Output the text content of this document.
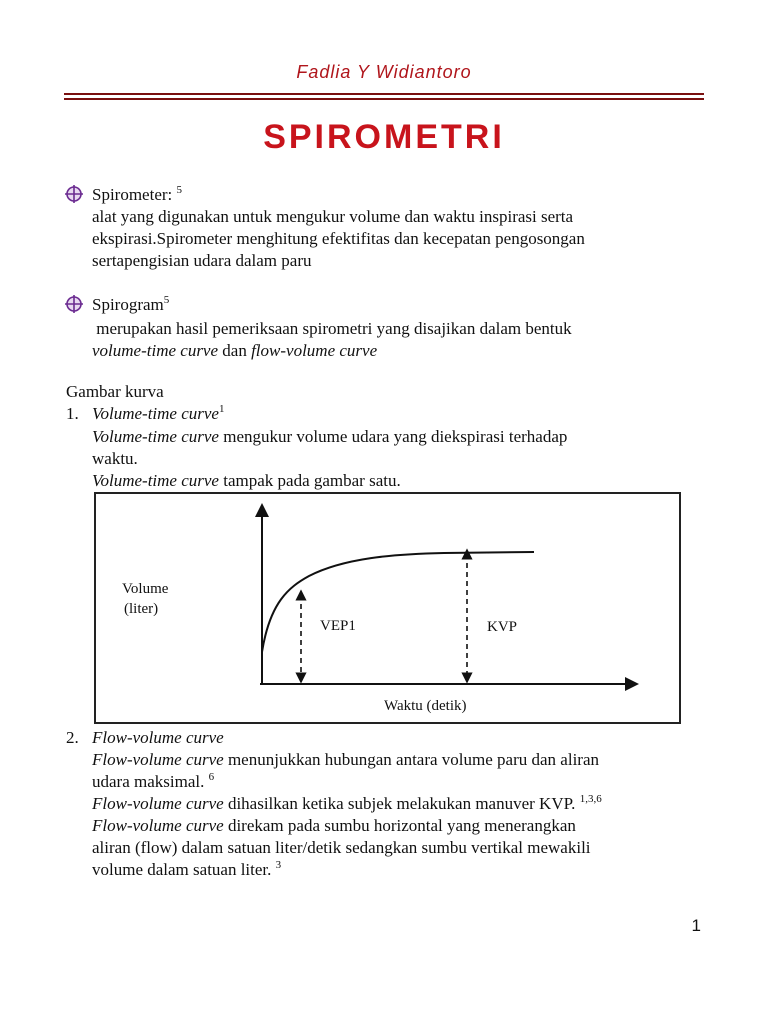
Fadlia Y Widiantoro
SPIROMETRI
Spirometer: $^5$
alat yang digunakan untuk mengukur volume dan waktu inspirasi serta
ekspirasi.Spirometer menghitung efektifitas dan kecepatan pengosongan
sertapengisian udara dalam paru
Spirogram$^5$
merupakan hasil pemeriksaan spirometri yang disajikan dalam bentuk
volume-time curve dan flow-volume curve
Gambar kurva
1. Volume-time curve$^1$
Volume-time curve mengukur volume udara yang diekspirasi terhadap
waktu.
Volume-time curve tampak pada gambar satu.
Volume
(liter)
VEP1	KVP
Waktu (detik)
2. Flow-volume curve
Flow-volume curve menunjukkan hubungan antara volume paru dan aliran
udara maksimal. $^6$
Flow-volume curve dihasilkan ketika subjek melakukan manuver KVP. $^{1,3,6}$
Flow-volume curve direkam pada sumbu horizontal yang menerangkan
aliran (flow) dalam satuan liter/detik sedangkan sumbu vertikal mewakili
volume dalam satuan liter. $^3$
1
